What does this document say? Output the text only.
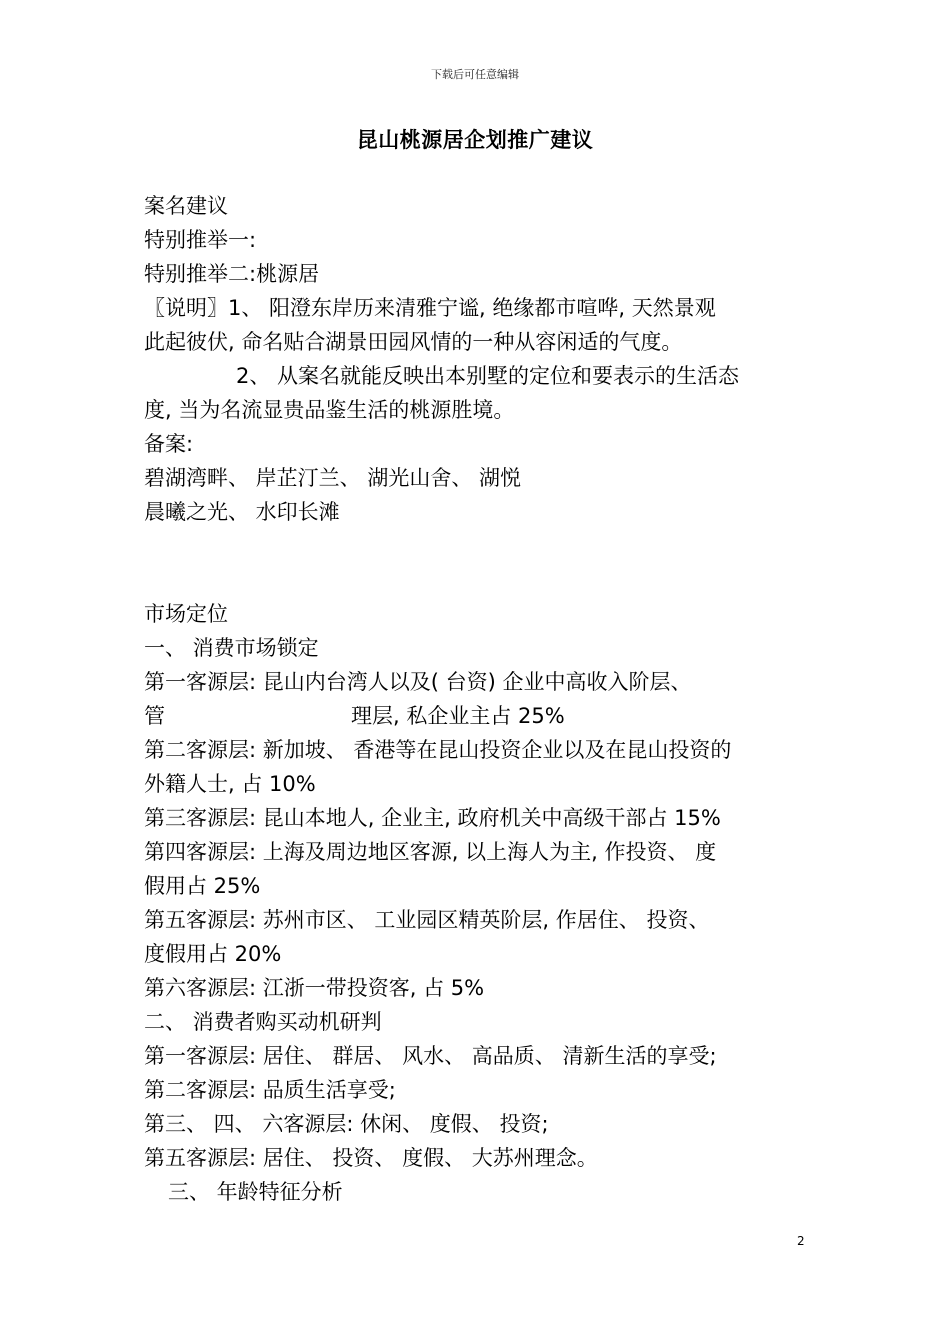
下载后可任意编辑
昆山桃源居企划推广建议
案名建议
特别推举一:
特别推举二:桃源居
〖说明〗1、 阳澄东岸历来清雅宁谧, 绝缘都市喧哗, 天然景观
此起彼伏, 命名贴合湖景田园风情的一种从容闲适的气度。
2、 从案名就能反映出本别墅的定位和要表示的生活态
度, 当为名流显贵品鉴生活的桃源胜境。
备案:
碧湖湾畔、 岸芷汀兰、 湖光山舍、 湖悦
晨曦之光、 水印长滩
市场定位
一、 消费市场锁定
第一客源层: 昆山内台湾人以及( 台资) 企业中高收入阶层、
管	理层, 私企业主占 25%
第二客源层: 新加坡、 香港等在昆山投资企业以及在昆山投资的
外籍人士, 占 10%
第三客源层: 昆山本地人, 企业主, 政府机关中高级干部占 15%
第四客源层: 上海及周边地区客源, 以上海人为主, 作投资、 度
假用占 25%
第五客源层: 苏州市区、 工业园区精英阶层, 作居住、 投资、
度假用占 20%
第六客源层: 江浙一带投资客, 占 5%
二、 消费者购买动机研判
第一客源层: 居住、 群居、 风水、 高品质、 清新生活的享受;
第二客源层: 品质生活享受;
第三、 四、 六客源层: 休闲、 度假、 投资;
第五客源层: 居住、 投资、 度假、 大苏州理念。
三、 年龄特征分析
2
